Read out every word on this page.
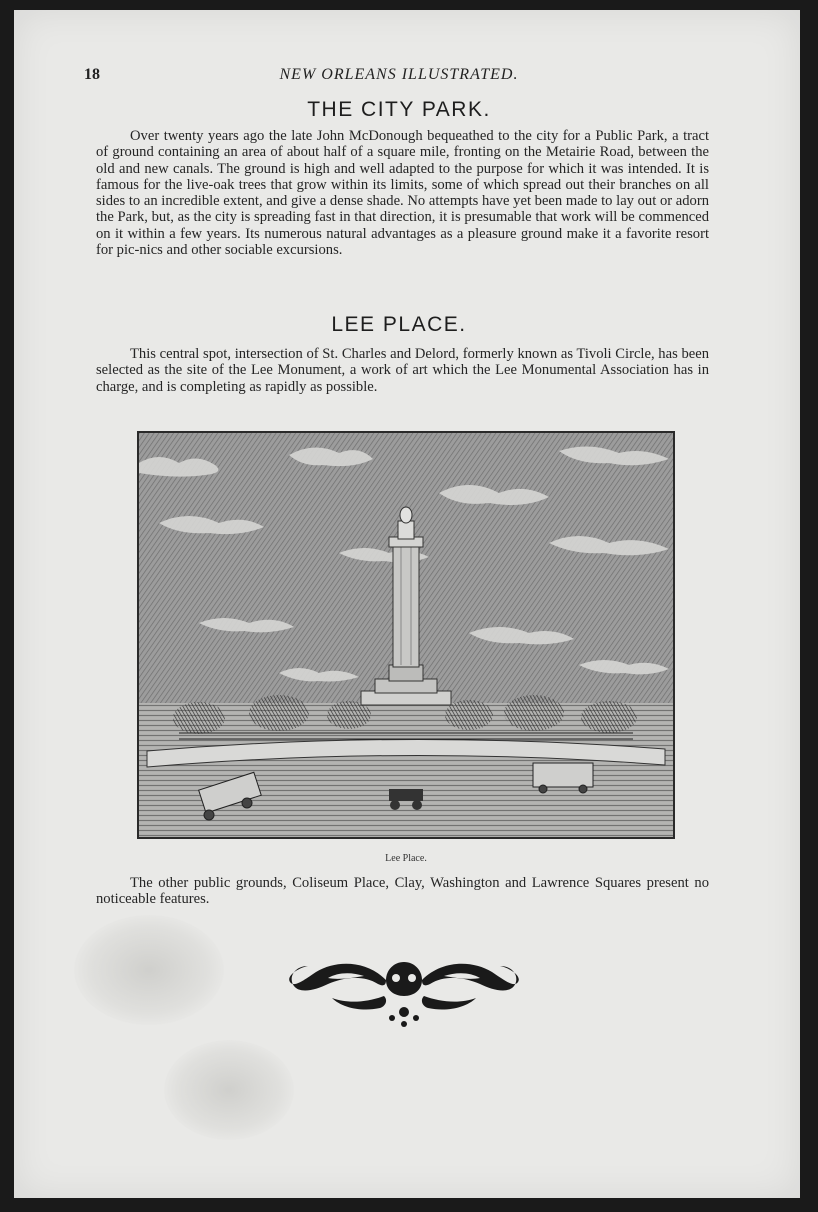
18	NEW ORLEANS ILLUSTRATED.
THE CITY PARK.

Over twenty years ago the late John McDonough bequeathed to the city for a Public Park, a tract of ground containing an area of about half of a square mile, fronting on the Metairie Road, between the old and new canals. The ground is high and well adapted to the purpose for which it was intended. It is famous for the live-oak trees that grow within its limits, some of which spread out their branches on all sides to an incredible extent, and give a dense shade. No attempts have yet been made to lay out or adorn the Park, but, as the city is spreading fast in that direction, it is presumable that work will be commenced on it within a few years. Its numerous natural advantages as a pleasure ground make it a favorite resort for pic-nics and other sociable excursions.

LEE PLACE.

This central spot, intersection of St. Charles and Delord, formerly known as Tivoli Circle, has been selected as the site of the Lee Monument, a work of art which the Lee Monumental Association has in charge, and is completing as rapidly as possible.

Lee Place.

The other public grounds, Coliseum Place, Clay, Washington and Lawrence Squares present no noticeable features.
